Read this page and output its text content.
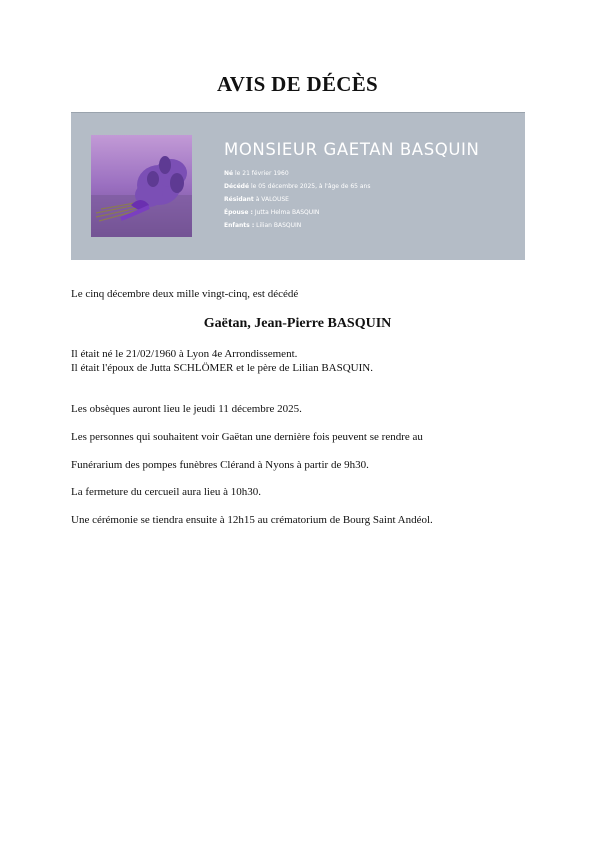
AVIS DE DÉCÈS
MONSIEUR GAETAN BASQUIN
Né le 21 février 1960
Décédé le 05 décembre 2025, à l'âge de 65 ans
Résidant à VALOUSE
Épouse : Jutta Helma BASQUIN
Enfants : Lilian BASQUIN
Le cinq décembre deux mille vingt-cinq, est décédé
Gaëtan, Jean-Pierre BASQUIN
Il était né le 21/02/1960 à Lyon 4e Arrondissement.
Il était l'époux de Jutta SCHLÖMER et le père de Lilian BASQUIN.
Les obsèques auront lieu le jeudi 11 décembre 2025.
Les personnes qui souhaitent voir Gaëtan une dernière fois peuvent se rendre au
Funérarium des pompes funèbres Clérand à Nyons à partir de 9h30.
La fermeture du cercueil aura lieu à 10h30.
Une cérémonie se tiendra ensuite à 12h15 au crématorium de Bourg Saint Andéol.
